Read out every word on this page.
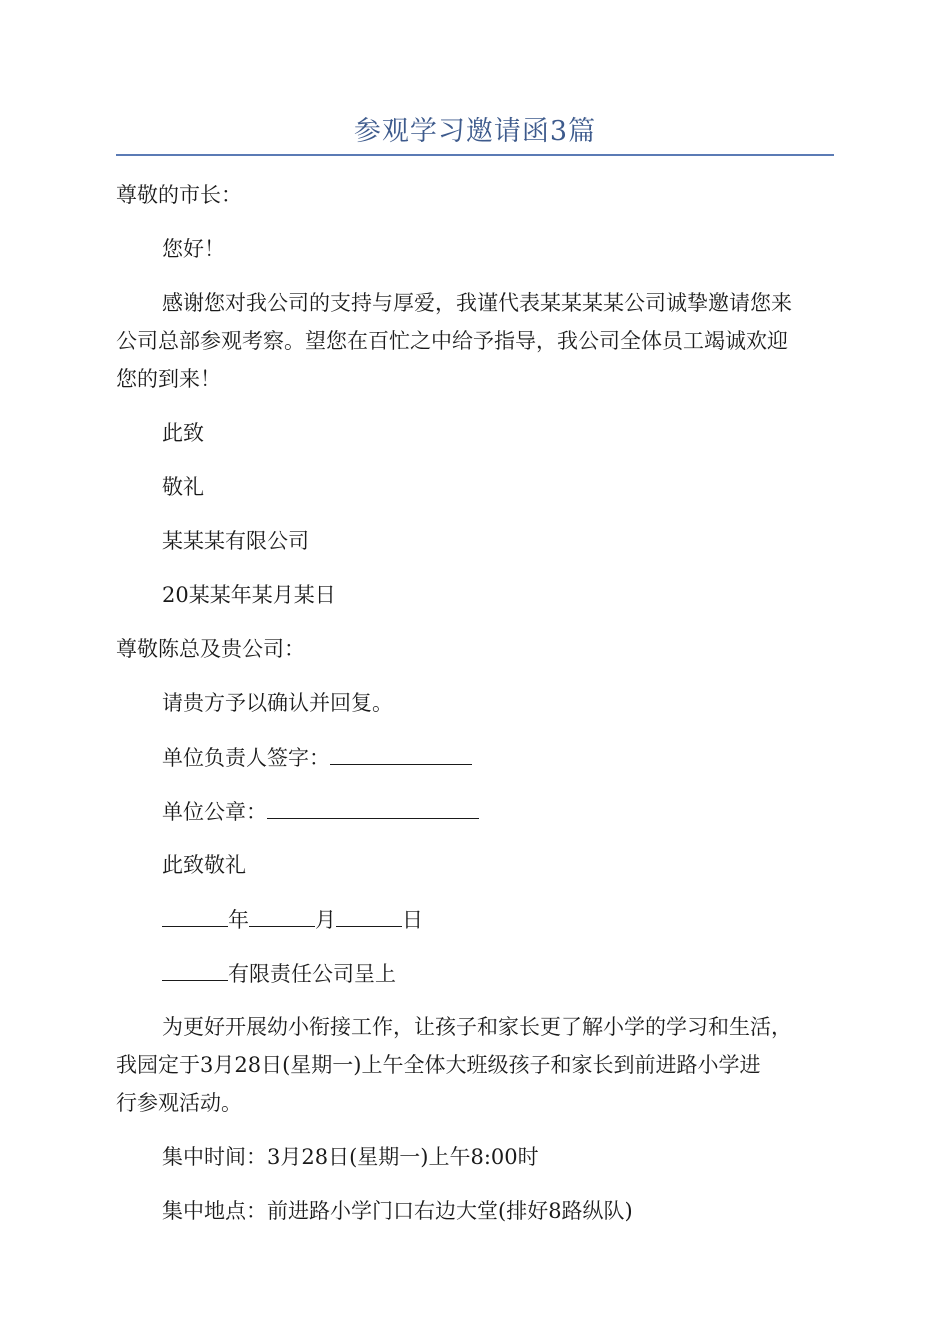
参观学习邀请函3篇
尊敬的市长：
您好！
感谢您对我公司的支持与厚爱，我谨代表某某某某公司诚挚邀请您来
公司总部参观考察。望您在百忙之中给予指导，我公司全体员工竭诚欢迎
您的到来！
此致
敬礼
某某某有限公司
20某某年某月某日
尊敬陈总及贵公司：
请贵方予以确认并回复。
单位负责人签字：
单位公章：
此致敬礼
年	月	日
有限责任公司呈上
为更好开展幼小衔接工作，让孩子和家长更了解小学的学习和生活，
我园定于3月28日(星期一)上午全体大班级孩子和家长到前进路小学进
行参观活动。
集中时间：3月28日(星期一)上午8:00时
集中地点：前进路小学门口右边大堂(排好8路纵队)
